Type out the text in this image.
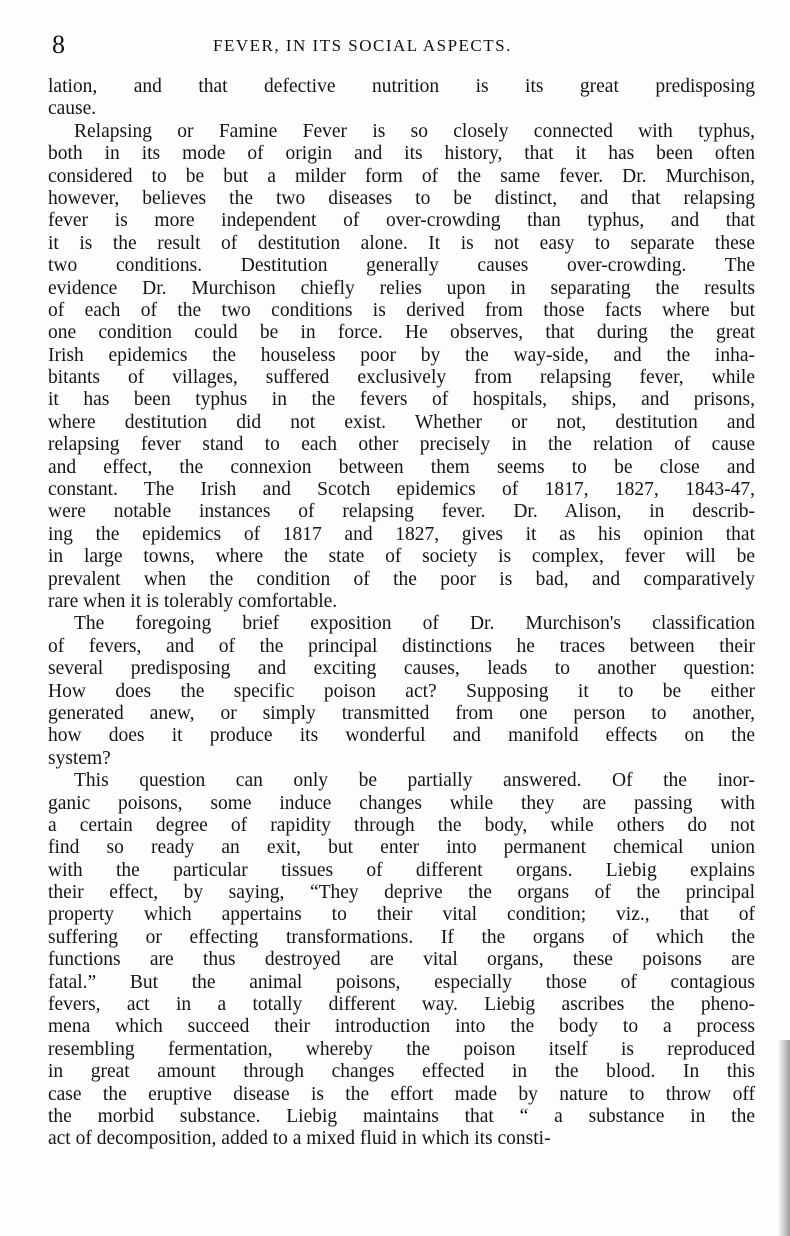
8	FEVER, IN ITS SOCIAL ASPECTS.
lation, and that defective nutrition is its great predisposing
cause.
Relapsing or Famine Fever is so closely connected with typhus,
both in its mode of origin and its history, that it has been often
considered to be but a milder form of the same fever. Dr. Murchison,
however, believes the two diseases to be distinct, and that relapsing
fever is more independent of over-crowding than typhus, and that
it is the result of destitution alone. It is not easy to separate these
two conditions. Destitution generally causes over-crowding. The
evidence Dr. Murchison chiefly relies upon in separating the results
of each of the two conditions is derived from those facts where but
one condition could be in force. He observes, that during the great
Irish epidemics the houseless poor by the way-side, and the inha-
bitants of villages, suffered exclusively from relapsing fever, while
it has been typhus in the fevers of hospitals, ships, and prisons,
where destitution did not exist. Whether or not, destitution and
relapsing fever stand to each other precisely in the relation of cause
and effect, the connexion between them seems to be close and
constant. The Irish and Scotch epidemics of 1817, 1827, 1843-47,
were notable instances of relapsing fever. Dr. Alison, in describ-
ing the epidemics of 1817 and 1827, gives it as his opinion that
in large towns, where the state of society is complex, fever will be
prevalent when the condition of the poor is bad, and comparatively
rare when it is tolerably comfortable.
The foregoing brief exposition of Dr. Murchison's classification
of fevers, and of the principal distinctions he traces between their
several predisposing and exciting causes, leads to another question:
How does the specific poison act? Supposing it to be either
generated anew, or simply transmitted from one person to another,
how does it produce its wonderful and manifold effects on the
system?
This question can only be partially answered. Of the inor-
ganic poisons, some induce changes while they are passing with
a certain degree of rapidity through the body, while others do not
find so ready an exit, but enter into permanent chemical union
with the particular tissues of different organs. Liebig explains
their effect, by saying, “They deprive the organs of the principal
property which appertains to their vital condition; viz., that of
suffering or effecting transformations. If the organs of which the
functions are thus destroyed are vital organs, these poisons are
fatal.” But the animal poisons, especially those of contagious
fevers, act in a totally different way. Liebig ascribes the pheno-
mena which succeed their introduction into the body to a process
resembling fermentation, whereby the poison itself is reproduced
in great amount through changes effected in the blood. In this
case the eruptive disease is the effort made by nature to throw off
the morbid substance. Liebig maintains that “ a substance in the
act of decomposition, added to a mixed fluid in which its consti-
